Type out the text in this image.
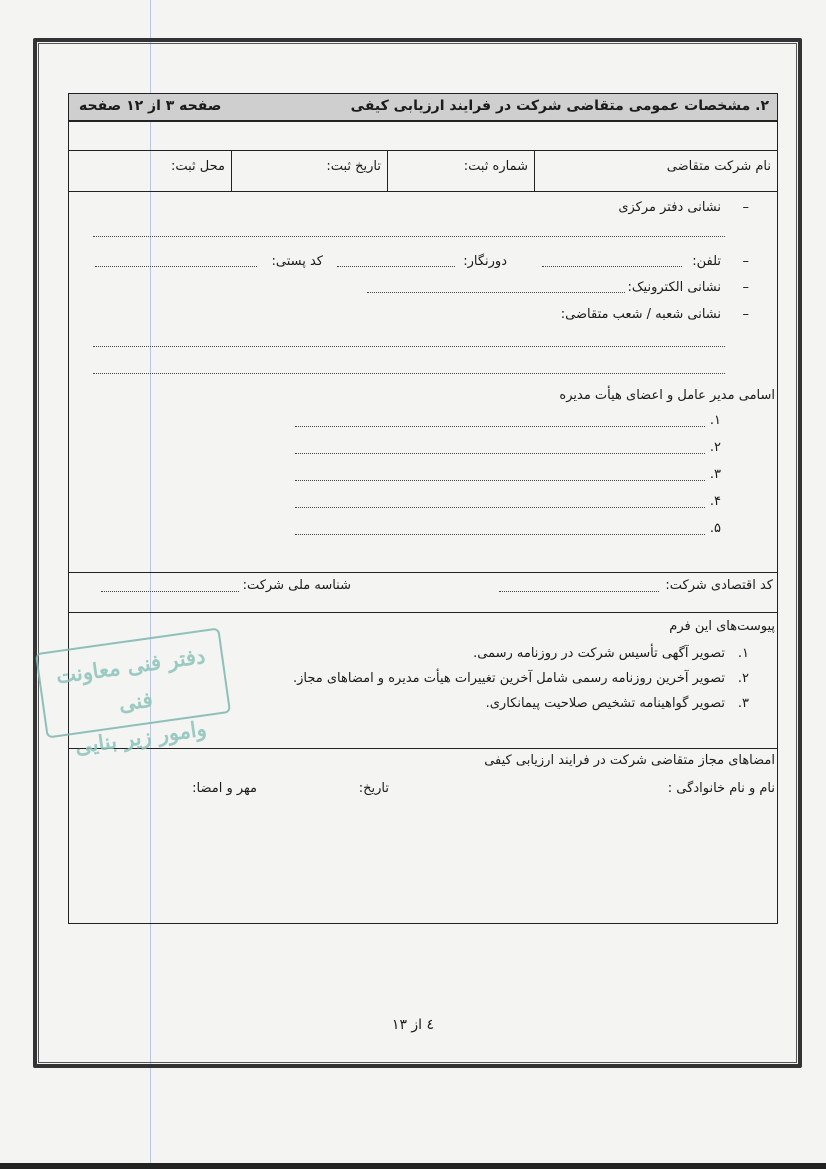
۲. مشخصات عمومی متقاضی شرکت در فرایند ارزیابی کیفی
صفحه ۳ از ۱۲ صفحه
نام شرکت متقاضی
شماره ثبت:
تاریخ ثبت:
محل ثبت:
–
نشانی دفتر مرکزی
–
تلفن:
دورنگار:
کد پستی:
–
نشانی الکترونیک:
–
نشانی شعبه / شعب متقاضی:
اسامی مدیر عامل و اعضای هیأت مدیره
۱.
۲.
۳.
۴.
۵.
کد اقتصادی شرکت:
شناسه ملی شرکت:
پیوست‌های این فرم
۱.
تصویر آگهی تأسیس شرکت در روزنامه رسمی.
۲.
تصویر آخرین روزنامه رسمی شامل آخرین تغییرات هیأت مدیره و امضاهای مجاز.
۳.
تصویر گواهینامه تشخیص صلاحیت پیمانکاری.
امضاهای مجاز متقاضی شرکت در فرایند ارزیابی کیفی
نام و نام خانوادگی :
تاریخ:
مهر و امضا:
دفتر فنی معاونت فنی
وامور زیر بنایی
٤ از ١٣
